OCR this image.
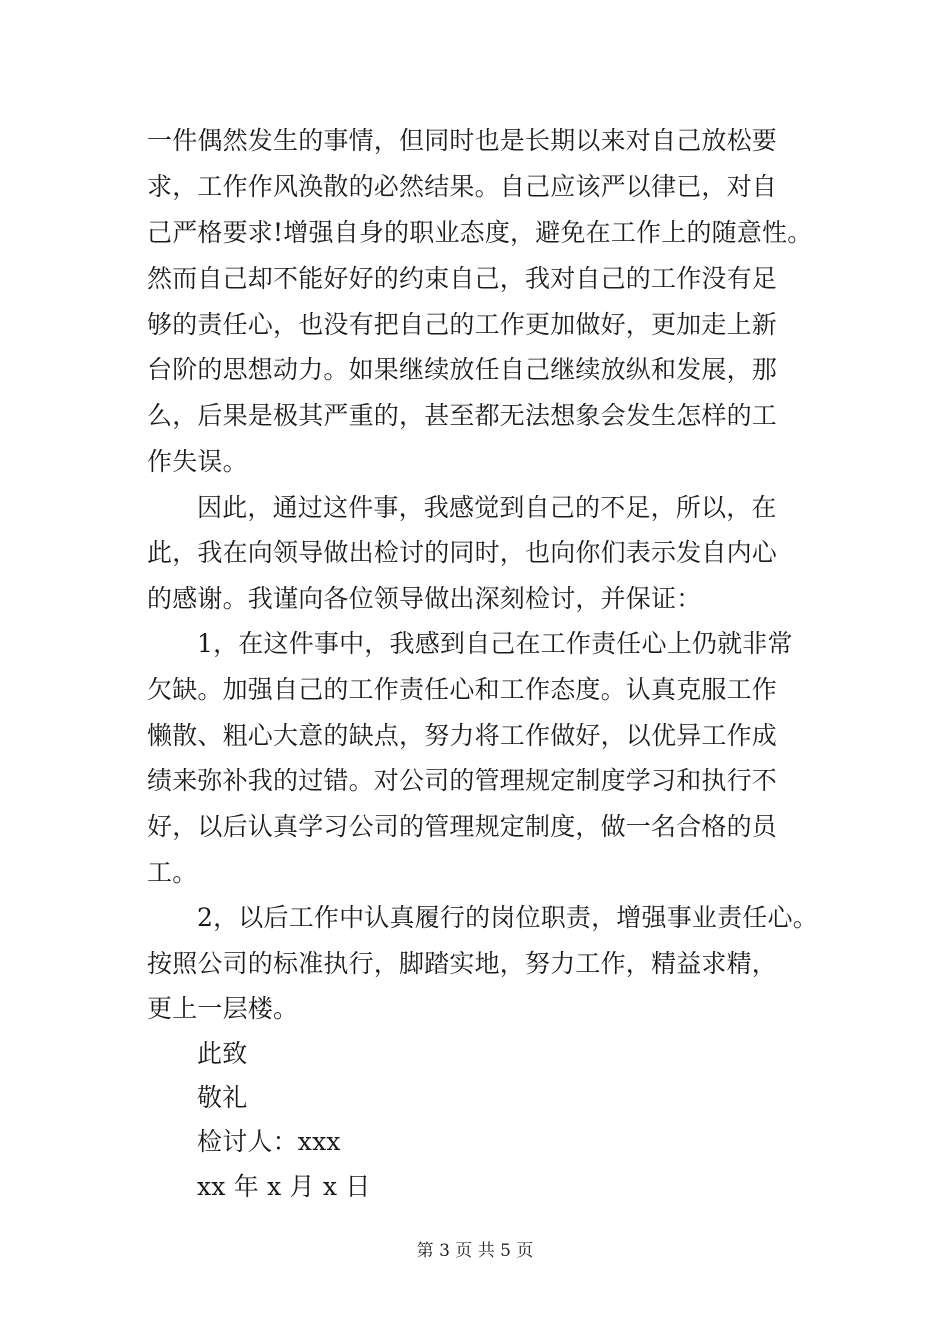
一件偶然发生的事情，但同时也是长期以来对自己放松要
求，工作作风涣散的必然结果。自己应该严以律已，对自
己严格要求!增强自身的职业态度，避免在工作上的随意性。
然而自己却不能好好的约束自己，我对自己的工作没有足
够的责任心，也没有把自己的工作更加做好，更加走上新
台阶的思想动力。如果继续放任自己继续放纵和发展，那
么，后果是极其严重的，甚至都无法想象会发生怎样的工
作失误。
因此，通过这件事，我感觉到自己的不足，所以，在
此，我在向领导做出检讨的同时，也向你们表示发自内心
的感谢。我谨向各位领导做出深刻检讨，并保证：
1，在这件事中，我感到自己在工作责任心上仍就非常
欠缺。加强自己的工作责任心和工作态度。认真克服工作
懒散、粗心大意的缺点，努力将工作做好，以优异工作成
绩来弥补我的过错。对公司的管理规定制度学习和执行不
好，以后认真学习公司的管理规定制度，做一名合格的员
工。
2，以后工作中认真履行的岗位职责，增强事业责任心。
按照公司的标准执行，脚踏实地，努力工作，精益求精，
更上一层楼。
此致
敬礼
检讨人：xxx
xx 年 x 月 x 日
第 3 页 共 5 页
